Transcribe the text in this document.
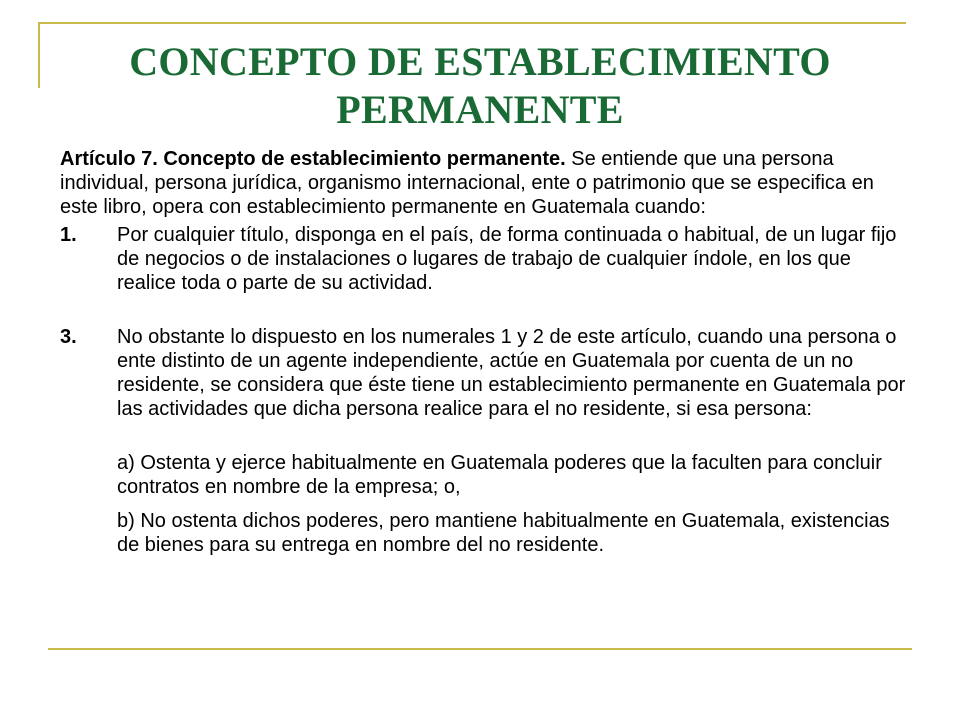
CONCEPTO DE ESTABLECIMIENTO
PERMANENTE

Artículo 7. Concepto de establecimiento permanente. Se entiende que una persona individual, persona jurídica, organismo internacional, ente o patrimonio que se especifica en este libro, opera con establecimiento permanente en Guatemala cuando:

1. Por cualquier título, disponga en el país, de forma continuada o habitual, de un lugar fijo de negocios o de instalaciones o lugares de trabajo de cualquier índole, en los que realice toda o parte de su actividad.
3. No obstante lo dispuesto en los numerales 1 y 2 de este artículo, cuando una persona o ente distinto de un agente independiente, actúe en Guatemala por cuenta de un no residente, se considera que éste tiene un establecimiento permanente en Guatemala por las actividades que dicha persona realice para el no residente, si esa persona:
a) Ostenta y ejerce habitualmente en Guatemala poderes que la faculten para concluir contratos en nombre de la empresa; o,
b) No ostenta dichos poderes, pero mantiene habitualmente en Guatemala, existencias de bienes para su entrega en nombre del no residente.
